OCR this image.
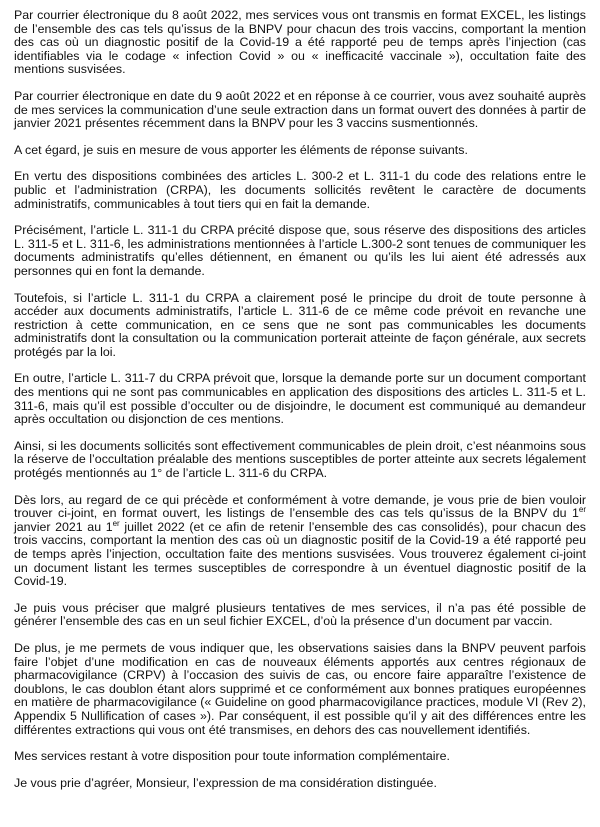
Par courrier électronique du 8 août 2022, mes services vous ont transmis en format EXCEL, les listings de l’ensemble des cas tels qu’issus de la BNPV pour chacun des trois vaccins, comportant la mention des cas où un diagnostic positif de la Covid-19 a été rapporté peu de temps après l’injection (cas identifiables via le codage « infection Covid » ou « inefficacité vaccinale »), occultation faite des mentions susvisées.

Par courrier électronique en date du 9 août 2022 et en réponse à ce courrier, vous avez souhaité auprès de mes services la communication d’une seule extraction dans un format ouvert des données à partir de janvier 2021 présentes récemment dans la BNPV pour les 3 vaccins susmentionnés.

A cet égard, je suis en mesure de vous apporter les éléments de réponse suivants.

En vertu des dispositions combinées des articles L. 300-2 et L. 311-1 du code des relations entre le public et l’administration (CRPA), les documents sollicités revêtent le caractère de documents administratifs, communicables à tout tiers qui en fait la demande.

Précisément, l’article L. 311-1 du CRPA précité dispose que, sous réserve des dispositions des articles L. 311-5 et L. 311-6, les administrations mentionnées à l’article L.300-2 sont tenues de communiquer les documents administratifs qu’elles détiennent, en émanent ou qu’ils les lui aient été adressés aux personnes qui en font la demande.

Toutefois, si l’article L. 311-1 du CRPA a clairement posé le principe du droit de toute personne à accéder aux documents administratifs, l’article L. 311-6 de ce même code prévoit en revanche une restriction à cette communication, en ce sens que ne sont pas communicables les documents administratifs dont la consultation ou la communication porterait atteinte de façon générale, aux secrets protégés par la loi.

En outre, l’article L. 311-7 du CRPA prévoit que, lorsque la demande porte sur un document comportant des mentions qui ne sont pas communicables en application des dispositions des articles L. 311-5 et L. 311-6, mais qu’il est possible d’occulter ou de disjoindre, le document est communiqué au demandeur après occultation ou disjonction de ces mentions.

Ainsi, si les documents sollicités sont effectivement communicables de plein droit, c’est néanmoins sous la réserve de l’occultation préalable des mentions susceptibles de porter atteinte aux secrets légalement protégés mentionnés au 1° de l’article L. 311-6 du CRPA.

Dès lors, au regard de ce qui précède et conformément à votre demande, je vous prie de bien vouloir trouver ci-joint, en format ouvert, les listings de l’ensemble des cas tels qu’issus de la BNPV du 1er janvier 2021 au 1er juillet 2022 (et ce afin de retenir l’ensemble des cas consolidés), pour chacun des trois vaccins, comportant la mention des cas où un diagnostic positif de la Covid-19 a été rapporté peu de temps après l’injection, occultation faite des mentions susvisées. Vous trouverez également ci-joint un document listant les termes susceptibles de correspondre à un éventuel diagnostic positif de la Covid-19.

Je puis vous préciser que malgré plusieurs tentatives de mes services, il n’a pas été possible de générer l’ensemble des cas en un seul fichier EXCEL, d’où la présence d’un document par vaccin.

De plus, je me permets de vous indiquer que, les observations saisies dans la BNPV peuvent parfois faire l’objet d’une modification en cas de nouveaux éléments apportés aux centres régionaux de pharmacovigilance (CRPV) à l’occasion des suivis de cas, ou encore faire apparaître l’existence de doublons, le cas doublon étant alors supprimé et ce conformément aux bonnes pratiques européennes en matière de pharmacovigilance (« Guideline on good pharmacovigilance practices, module VI (Rev 2), Appendix 5 Nullification of cases »). Par conséquent, il est possible qu’il y ait des différences entre les différentes extractions qui vous ont été transmises, en dehors des cas nouvellement identifiés.

Mes services restant à votre disposition pour toute information complémentaire.

Je vous prie d’agréer, Monsieur, l’expression de ma considération distinguée.
